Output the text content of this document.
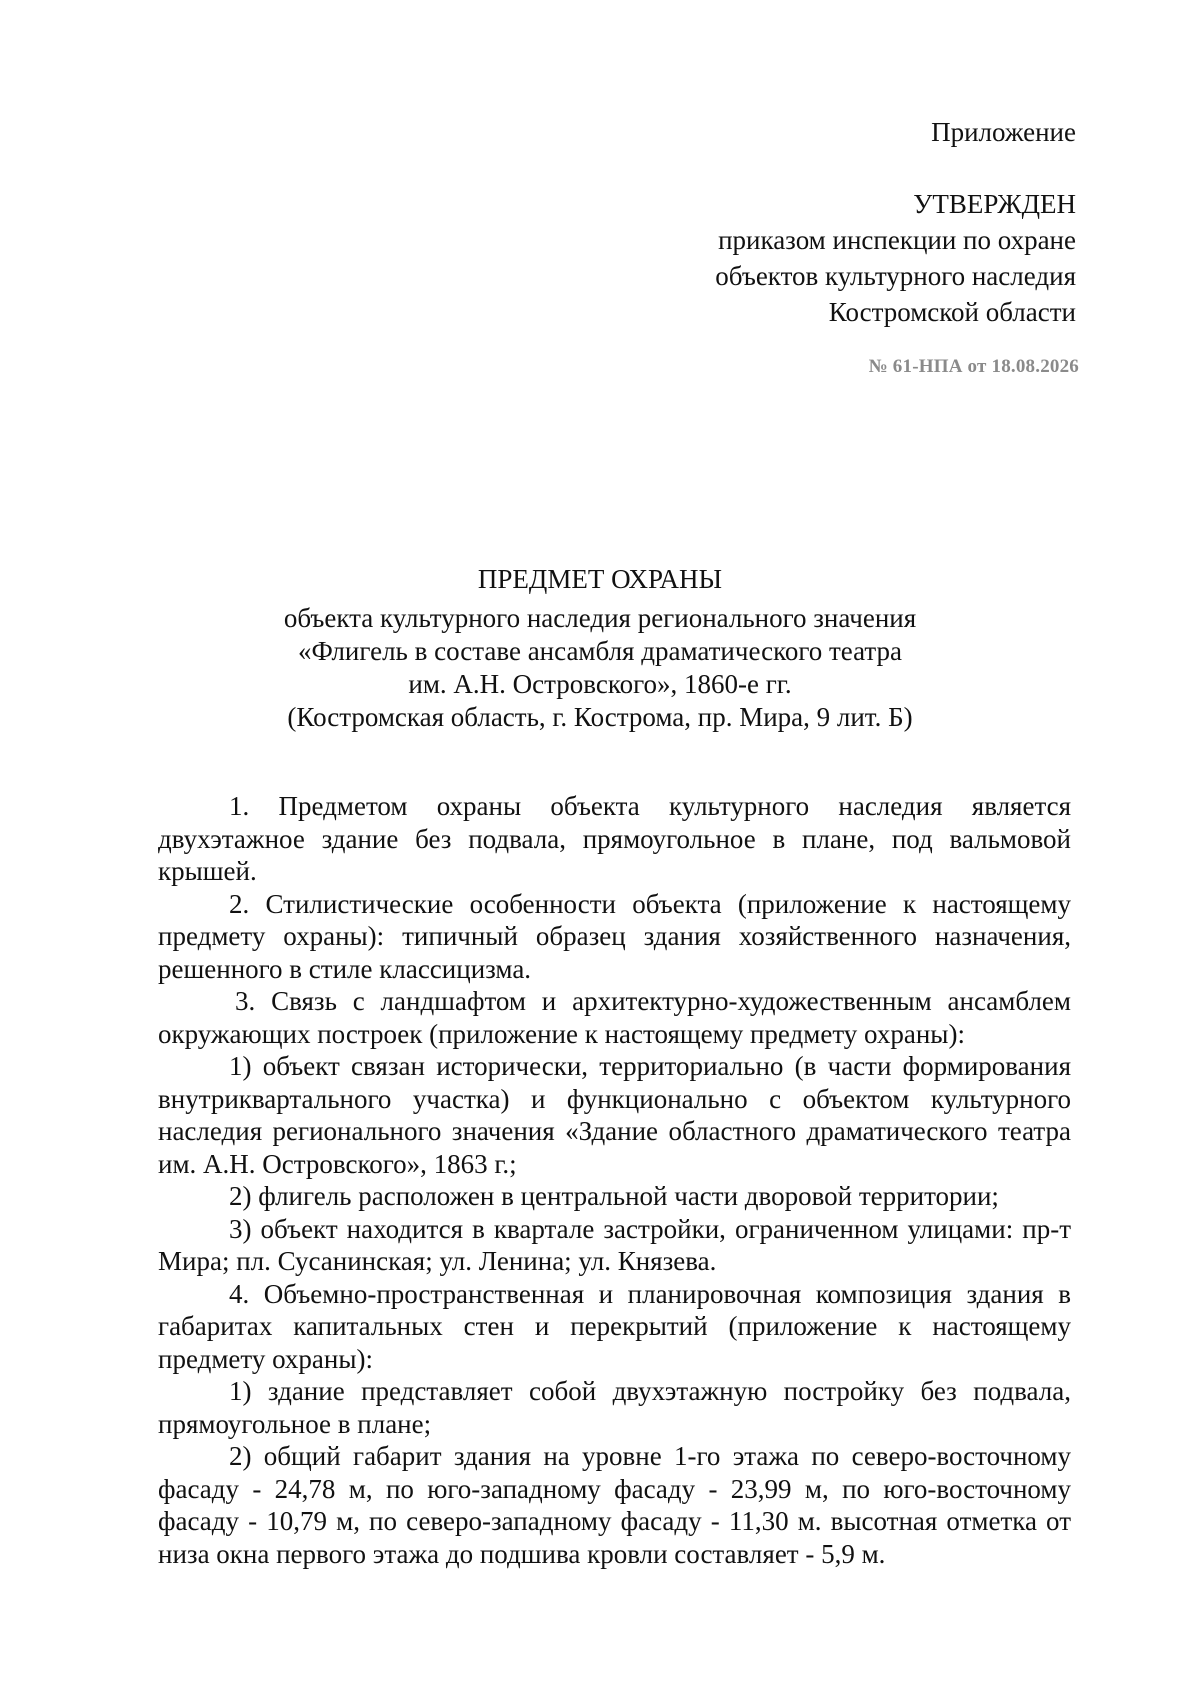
Приложение
УТВЕРЖДЕН
приказом инспекции по охране
объектов культурного наследия
Костромской области
№ 61-НПА от 18.08.2026
ПРЕДМЕТ ОХРАНЫ
объекта культурного наследия регионального значения
«Флигель в составе ансамбля драматического театра
им. А.Н. Островского», 1860-е гг.
(Костромская область, г. Кострома, пр. Мира, 9 лит. Б)

1. Предметом охраны объекта культурного наследия является двухэтажное здание без подвала, прямоугольное в плане, под вальмовой крышей.

2. Стилистические особенности объекта (приложение к настоящему предмету охраны): типичный образец здания хозяйственного назначения, решенного в стиле классицизма.

3. Связь с ландшафтом и архитектурно-художественным ансамблем окружающих построек (приложение к настоящему предмету охраны):

1) объект связан исторически, территориально (в части формирования внутриквартального участка) и функционально с объектом культурного наследия регионального значения «Здание областного драматического театра им. А.Н. Островского», 1863 г.;

2) флигель расположен в центральной части дворовой территории;

3) объект находится в квартале застройки, ограниченном улицами: пр-т Мира; пл. Сусанинская; ул. Ленина; ул. Князева.

4. Объемно-пространственная и планировочная композиция здания в габаритах капитальных стен и перекрытий (приложение к настоящему предмету охраны):

1) здание представляет собой двухэтажную постройку без подвала, прямоугольное в плане;

2) общий габарит здания на уровне 1-го этажа по северо-восточному фасаду - 24,78 м, по юго-западному фасаду - 23,99 м, по юго-восточному фасаду - 10,79 м, по северо-западному фасаду - 11,30 м. высотная отметка от низа окна первого этажа до подшива кровли составляет - 5,9 м.
